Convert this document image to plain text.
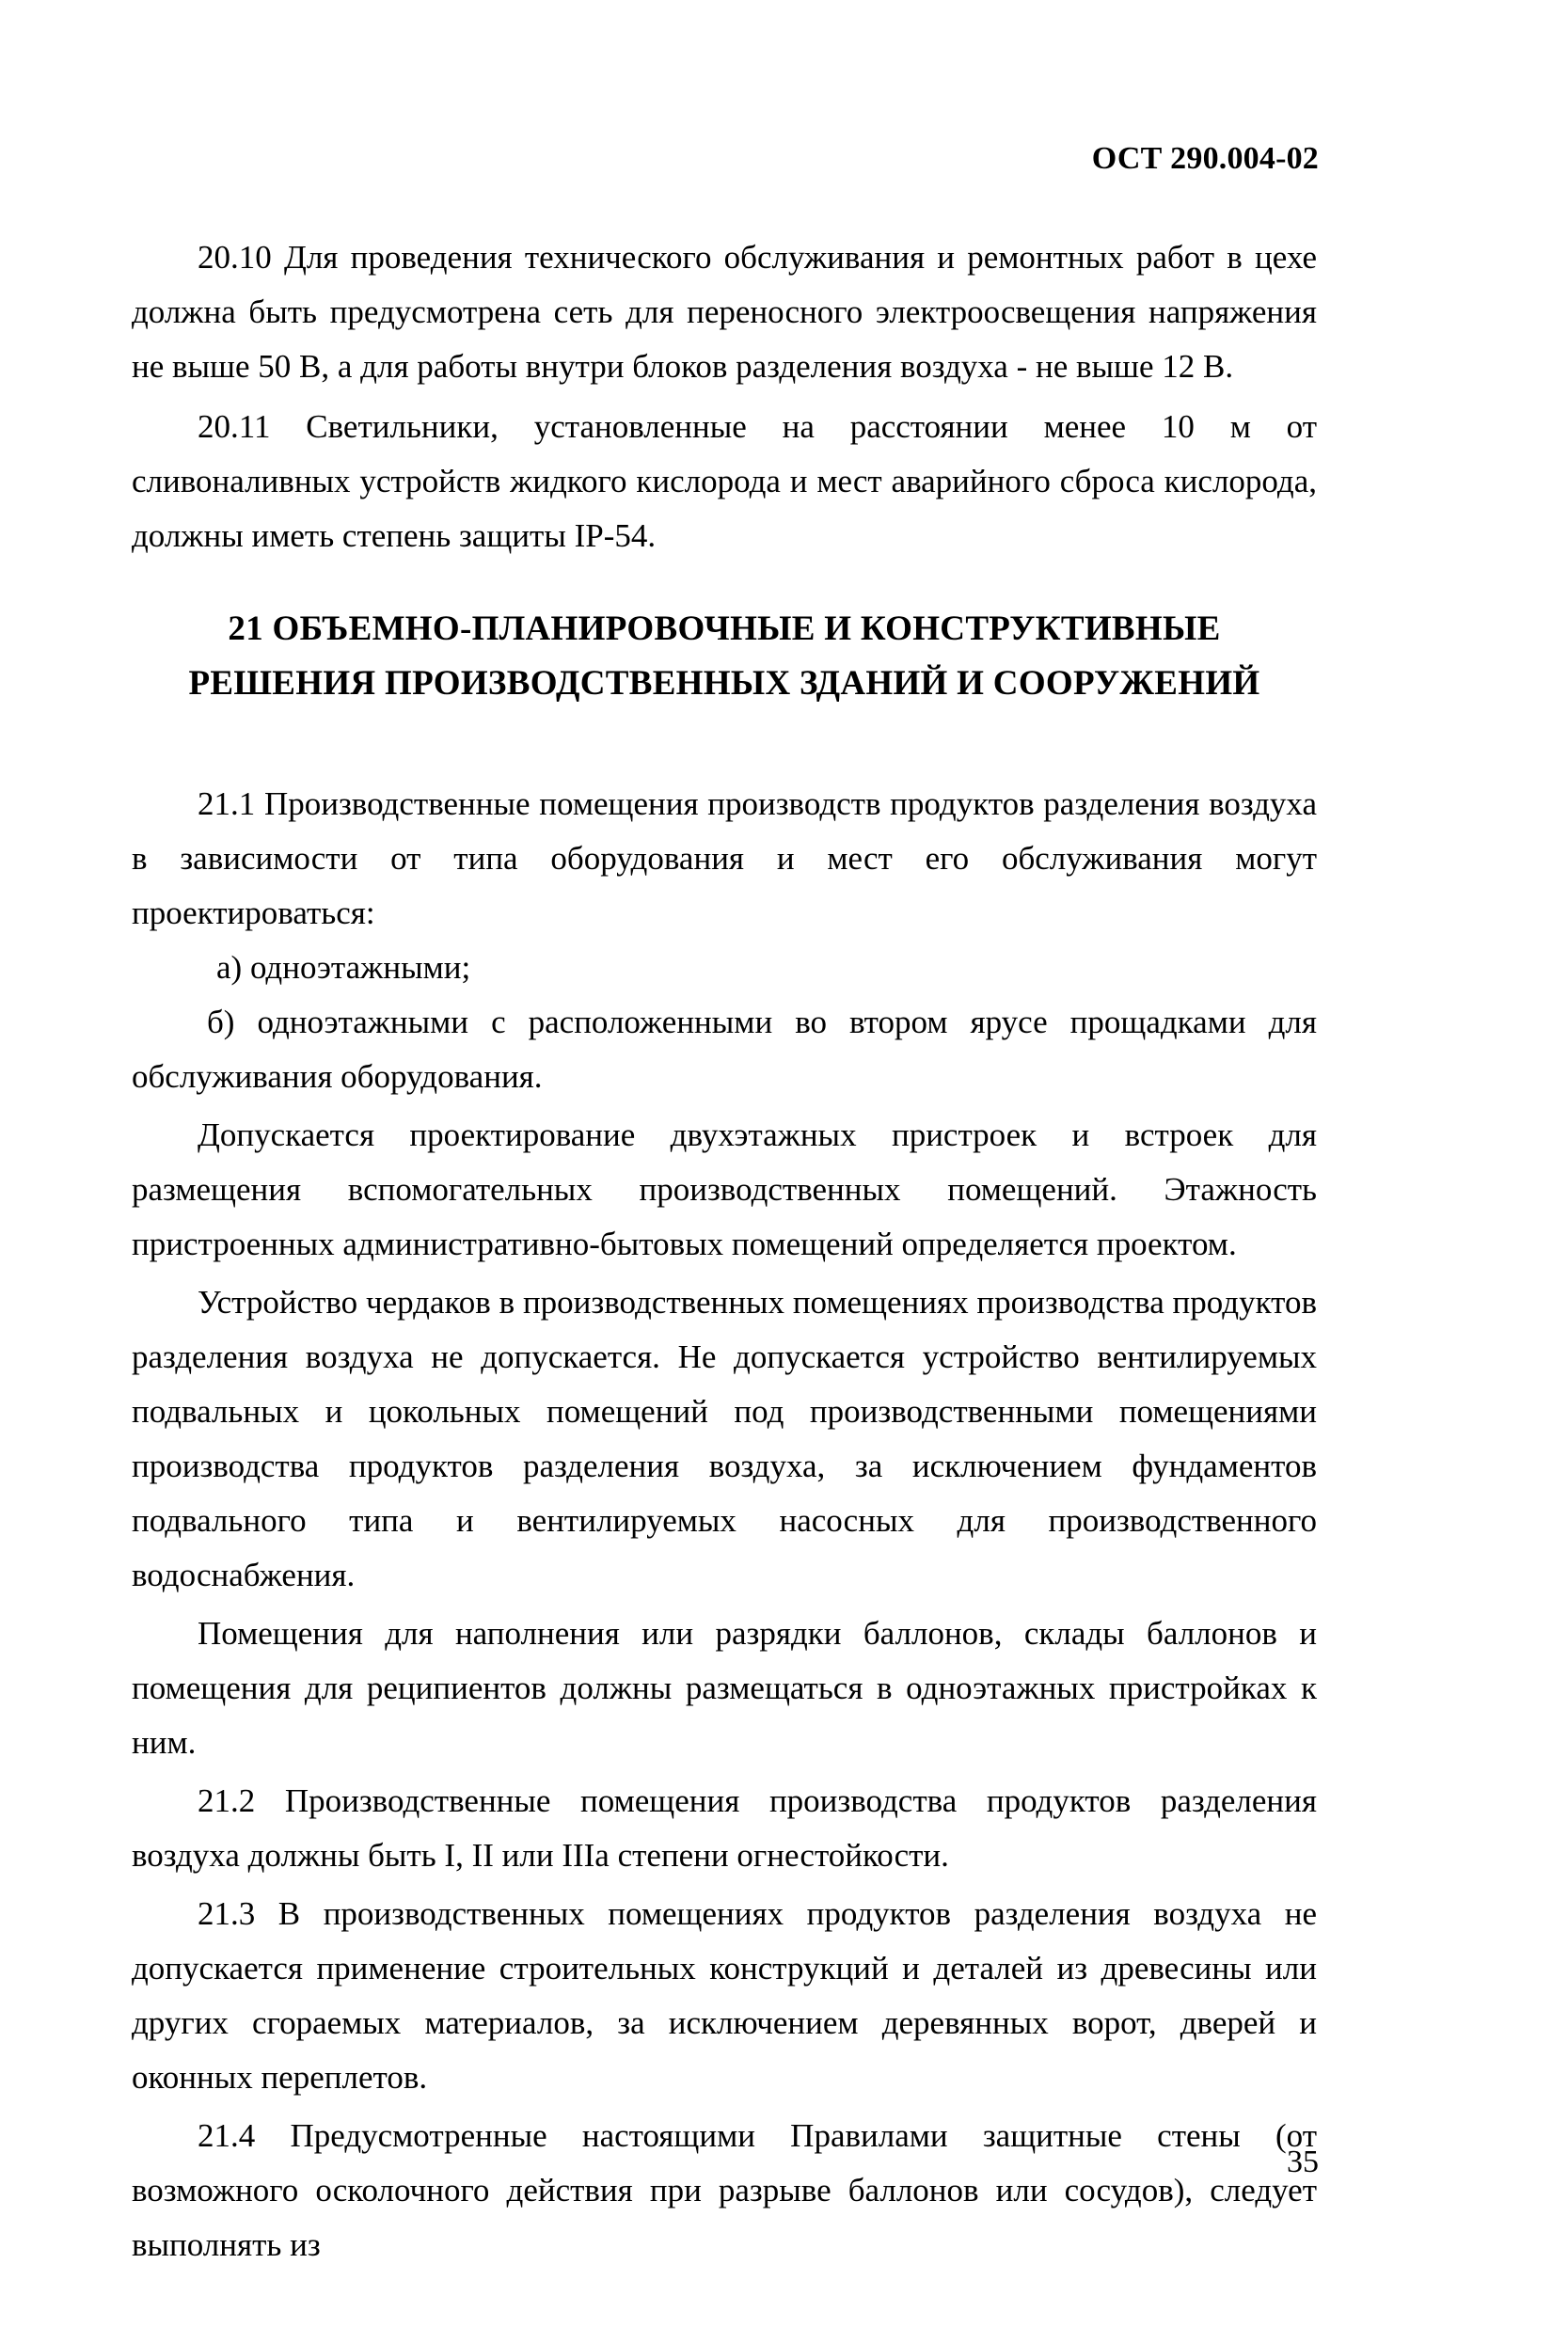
ОСТ 290.004-02

20.10 Для проведения технического обслуживания и ремонтных работ в цехе должна быть предусмотрена сеть для переносного электроосвещения напряжения не выше 50 В, а для работы внутри блоков разделения воздуха - не выше 12 В.

20.11 Светильники, установленные на расстоянии менее 10 м от сливоналивных устройств жидкого кислорода и мест аварийного сброса кислорода, должны иметь степень защиты IP-54.

21 ОБЪЕМНО-ПЛАНИРОВОЧНЫЕ И КОНСТРУКТИВНЫЕ
РЕШЕНИЯ ПРОИЗВОДСТВЕННЫХ ЗДАНИЙ И СООРУЖЕНИЙ

21.1 Производственные помещения производств продуктов разделения воздуха в зависимости от типа оборудования и мест его обслуживания могут проектироваться:

а) одноэтажными;

б) одноэтажными с расположенными во втором ярусе прощадками для обслуживания оборудования.

Допускается проектирование двухэтажных пристроек и встроек для размещения вспомогательных производственных помещений. Этажность пристроенных административно-бытовых помещений определяется проектом.

Устройство чердаков в производственных помещениях производства продуктов разделения воздуха не допускается. Не допускается устройство вентилируемых подвальных и цокольных помещений под производственными помещениями производства продуктов разделения воздуха, за исключением фундаментов подвального типа и вентилируемых насосных для производственного водоснабжения.

Помещения для наполнения или разрядки баллонов, склады баллонов и помещения для реципиентов должны размещаться в одноэтажных пристройках к ним.

21.2 Производственные помещения производства продуктов разделения воздуха должны быть I, II или IIIа степени огнестойкости.

21.3 В производственных помещениях продуктов разделения воздуха не допускается применение строительных конструкций и деталей из древесины или других сгораемых материалов, за исключением деревянных ворот, дверей и оконных переплетов.

21.4 Предусмотренные настоящими Правилами защитные стены (от возможного осколочного действия при разрыве баллонов или сосудов), следует выполнять из

35
